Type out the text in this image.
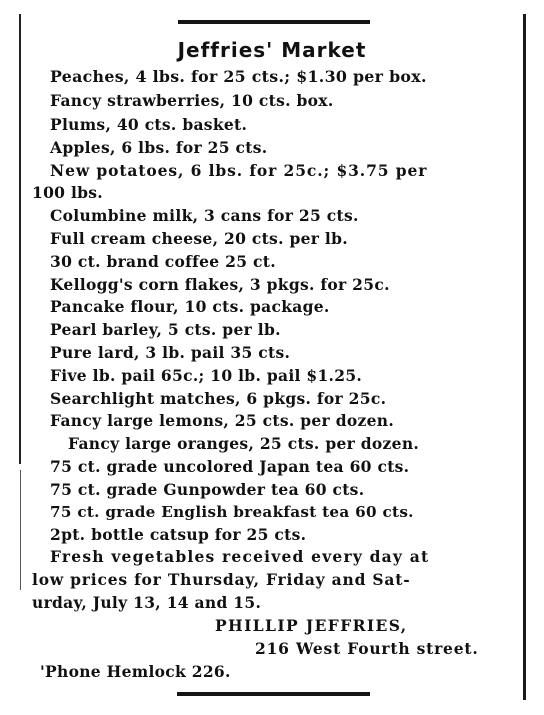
Jeffries' Market
Peaches, 4 lbs. for 25 cts.; $1.30 per box.
Fancy strawberries, 10 cts. box.
Plums, 40 cts. basket.
Apples, 6 lbs. for 25 cts.
New potatoes, 6 lbs. for 25c.; $3.75 per
100 lbs.
Columbine milk, 3 cans for 25 cts.
Full cream cheese, 20 cts. per lb.
30 ct. brand coffee 25 ct.
Kellogg's corn flakes, 3 pkgs. for 25c.
Pancake flour, 10 cts. package.
Pearl barley, 5 cts. per lb.
Pure lard, 3 lb. pail 35 cts.
Five lb. pail 65c.; 10 lb. pail $1.25.
Searchlight matches, 6 pkgs. for 25c.
Fancy large lemons, 25 cts. per dozen.
Fancy large oranges, 25 cts. per dozen.
75 ct. grade uncolored Japan tea 60 cts.
75 ct. grade Gunpowder tea 60 cts.
75 ct. grade English breakfast tea 60 cts.
2pt. bottle catsup for 25 cts.
Fresh vegetables received every day at
low prices for Thursday, Friday and Sat-
urday, July 13, 14 and 15.
PHILLIP JEFFRIES,
216 West Fourth street.
'Phone Hemlock 226.
